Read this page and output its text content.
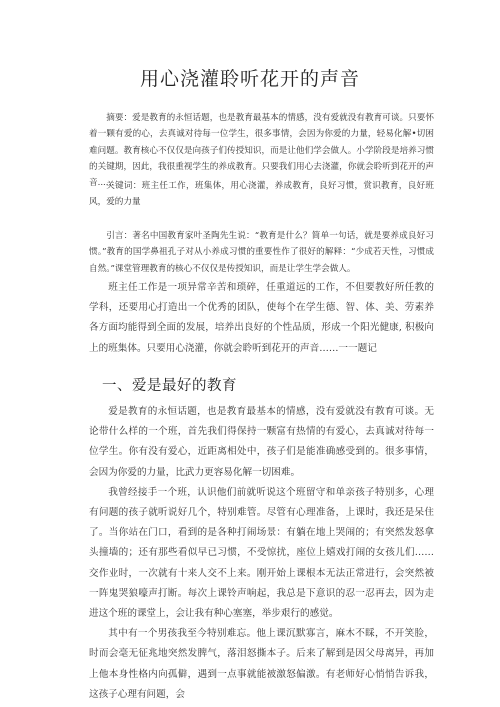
用心浇灌聆听花开的声音

摘要：爱是教育的永恒话题，也是教育最基本的情感，没有爱就没有教育可谈。只要怀着一颗有爱的心，去真诚对待每一位学生，很多事情，会因为你爱的力量，轻易化解•切困难问题。教育核心不仅仅是向孩子们传授知识，而是让他们学会做人。小学阶段是培养习惯的关键期，因此，我很重视学生的养成教育。只要我们用心去浇灌，你就会聆听到花开的声音......

关键词：班主任工作，班集体，用心浇灌，养成教育，良好习惯，赏识教育，良好班风，爱的力量

引言：著名中国教育家叶圣陶先生说：“教育是什么？简单一句话，就是要养成良好习惯。”教育的国学鼻祖孔子对从小养成习惯的重要性作了很好的解释：“少成若天性，习惯成自然。”课堂管理教育的核心不仅仅是传授知识，而是让学生学会做人。

班主任工作是一项异常辛苦和琐碎，任重道远的工作，不但要教好所任教的学科，还要用心打造出一个优秀的团队，使每个在学生德、智、体、美、劳素养各方面均能得到全面的发展，培养出良好的个性品质，形成一个阳光健康, 积极向上的班集体。只要用心浇灌，你就会聆听到花开的声音……一一题记

一、爱是最好的教育

爱是教育的永恒话题，也是教育最基本的情感，没有爱就没有教育可谈。无论带什么样的一个班，首先我们得保持一颗富有热情的有爱心，去真诚对待每一位学生。你有没有爱心，近距离相处中，孩子们是能准确感受到的。很多事情，会因为你爱的力量，比武力更容易化解一切困难。

我曾经接手一个班，认识他们前就听说这个班留守和单亲孩子特别多，心理有问题的孩子就听说好几个，特别难管。尽管有心理准备，上课时，我还是呆住了。当你站在门口，看到的是各种打闹场景：有躺在地上哭闹的；有突然发怒拿头撞墙的；还有那些看似早已习惯，不受惊扰，座位上嬉戏打闹的女孩儿们……交作业时，一次就有十来人交不上来。刚开始上课根本无法正常进行，会突然被一阵鬼哭狼嚎声打断。每次上课铃声响起，我总是下意识的忍一忍再去，因为走进这个班的课堂上，会让我有种心塞塞，举步艰行的感觉。

其中有一个男孩我至今特别难忘。他上课沉默寡言，麻木不睬，不开笑脸，时而会毫无征兆地突然发脾气，落泪怒撕本子。后来了解到是因父母离异，再加上他本身性格内向孤僻，遇到一点事就能被激怒偏激。有老师好心悄悄告诉我，这孩子心理有问题，会
